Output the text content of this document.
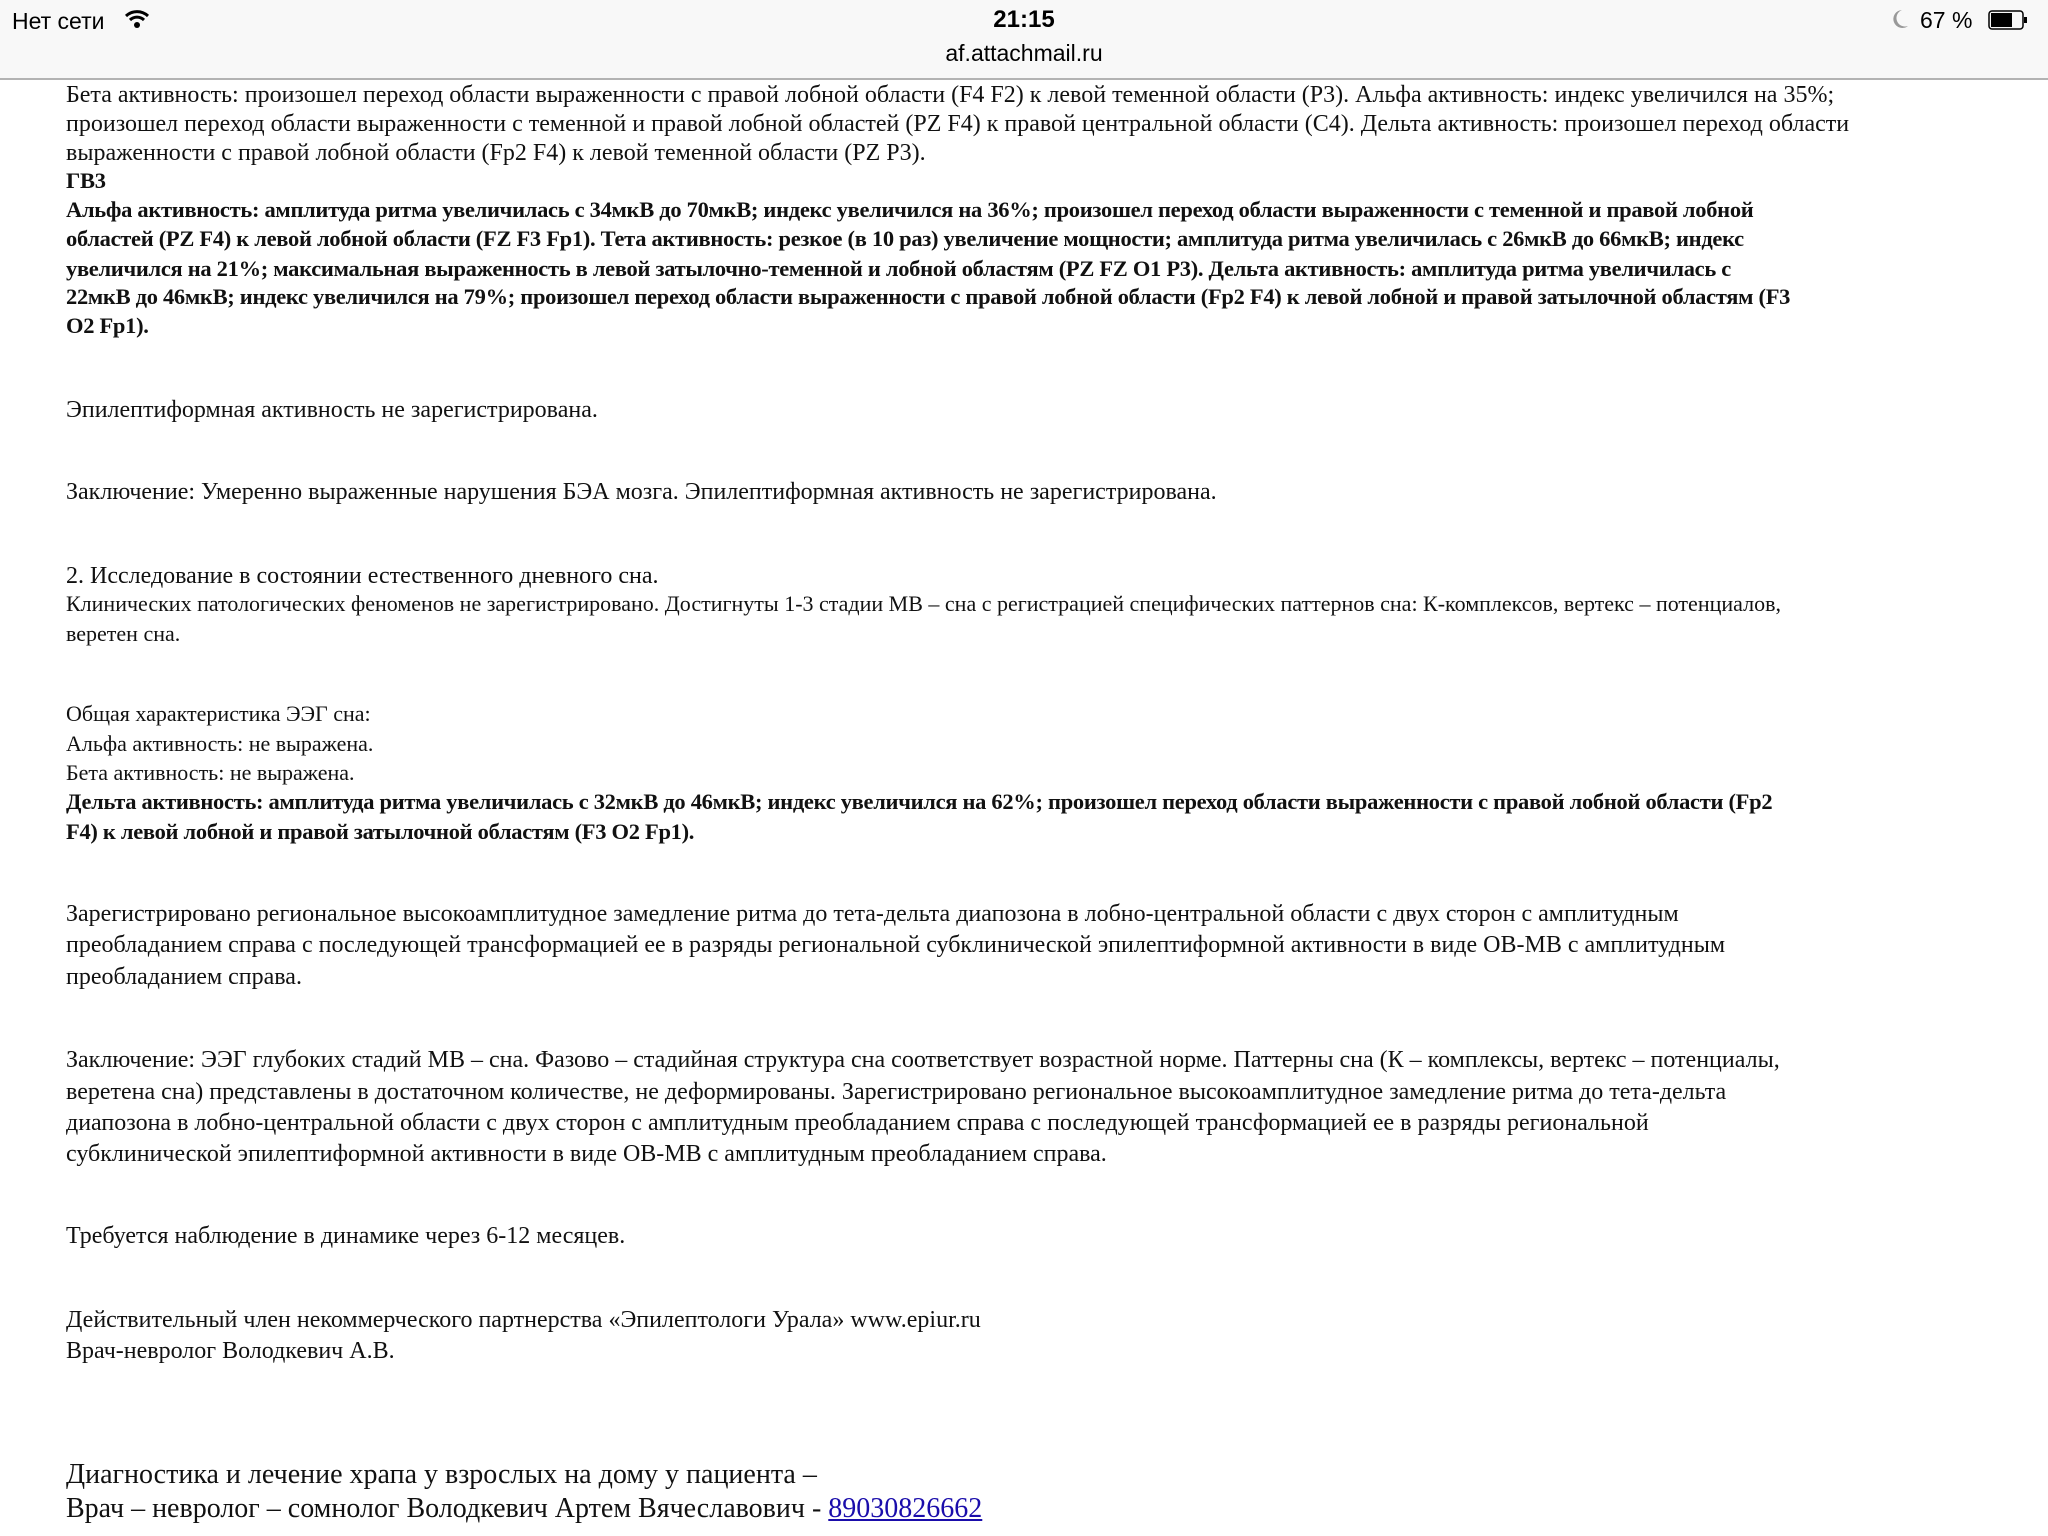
Бета активность: произошел переход области выраженности с правой лобной области (F4 F2) к левой теменной области (P3). Альфа активность: индекс увеличился на 35%;
произошел переход области выраженности с теменной и правой лобной областей (PZ F4) к правой центральной области (C4). Дельта активность: произошел переход области
выраженности с правой лобной области (Fp2 F4) к левой теменной области (PZ P3).
ГВ3
Альфа активность: амплитуда ритма увеличилась с 34мкВ до 70мкВ; индекс увеличился на 36%; произошел переход области выраженности с теменной и правой лобной
областей (PZ F4) к левой лобной области (FZ F3 Fp1). Тета активность: резкое (в 10 раз) увеличение мощности; амплитуда ритма увеличилась с 26мкВ до 66мкВ; индекс
увеличился на 21%; максимальная выраженность в левой затылочно-теменной и лобной областям (PZ FZ O1 P3). Дельта активность: амплитуда ритма увеличилась с
22мкВ до 46мкВ; индекс увеличился на 79%; произошел переход области выраженности с правой лобной области (Fp2 F4) к левой лобной и правой затылочной областям (F3
O2 Fp1).
Эпилептиформная активность не зарегистрирована.
Заключение: Умеренно выраженные нарушения БЭА мозга. Эпилептиформная активность не зарегистрирована.
2. Исследование в состоянии естественного дневного сна.
Клинических патологических феноменов не зарегистрировано. Достигнуты 1-3 стадии МВ – сна с регистрацией специфических паттернов сна: К-комплексов, вертекс – потенциалов,
веретен сна.
Общая характеристика ЭЭГ сна:
Альфа активность: не выражена.
Бета активность: не выражена.
Дельта активность: амплитуда ритма увеличилась с 32мкВ до 46мкВ; индекс увеличился на 62%; произошел переход области выраженности с правой лобной области (Fp2
F4) к левой лобной и правой затылочной областям (F3 O2 Fp1).
Зарегистрировано региональное высокоамплитудное замедление ритма до тета-дельта диапозона в лобно-центральной области с двух сторон с амплитудным
преобладанием справа с последующей трансформацией ее в разряды региональной субклинической эпилептиформной активности в виде ОВ-МВ с амплитудным
преобладанием справа.
Заключение: ЭЭГ глубоких стадий МВ – сна. Фазово – стадийная структура сна соответствует возрастной норме. Паттерны сна (К – комплексы, вертекс – потенциалы,
веретена сна) представлены в достаточном количестве, не деформированы. Зарегистрировано региональное высокоамплитудное замедление ритма до тета-дельта
диапозона в лобно-центральной области с двух сторон с амплитудным преобладанием справа с последующей трансформацией ее в разряды региональной
субклинической эпилептиформной активности в виде ОВ-МВ с амплитудным преобладанием справа.
Требуется наблюдение в динамике через 6-12 месяцев.
Действительный член некоммерческого партнерства «Эпилептологи Урала» www.epiur.ru
Врач-невролог Володкевич А.В.
Диагностика и лечение храпа у взрослых на дому у пациента –
Врач – невролог – сомнолог Володкевич Артем Вячеславович - 89030826662
Нет сети	21:15
af.attachmail.ru
67 %
